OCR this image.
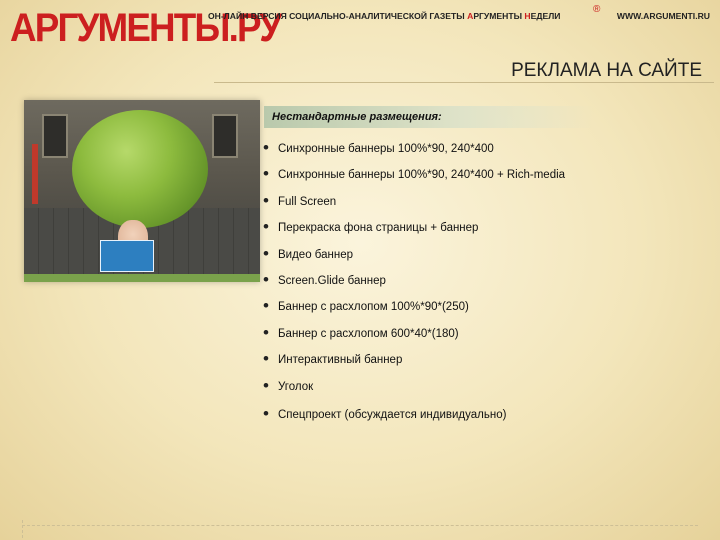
АРГУМЕНТЫ.РУ
ОН-ЛАЙН ВЕРСИЯ СОЦИАЛЬНО-АНАЛИТИЧЕСКОЙ ГАЗЕТЫ АРГУМЕНТЫ НЕДЕЛИ
®
WWW.ARGUMENTI.RU
РЕКЛАМА НА САЙТЕ
Нестандартные размещения:
• Синхронные баннеры 100%*90, 240*400
• Синхронные баннеры 100%*90, 240*400 + Rich-media
• Full Screen
• Перекраска фона страницы + баннер
• Видео баннер
• Screen.Glide баннер
• Баннер с расхлопом 100%*90*(250)
• Баннер с расхлопом 600*40*(180)
• Интерактивный баннер
• Уголок
• Спецпроект (обсуждается индивидуально)
